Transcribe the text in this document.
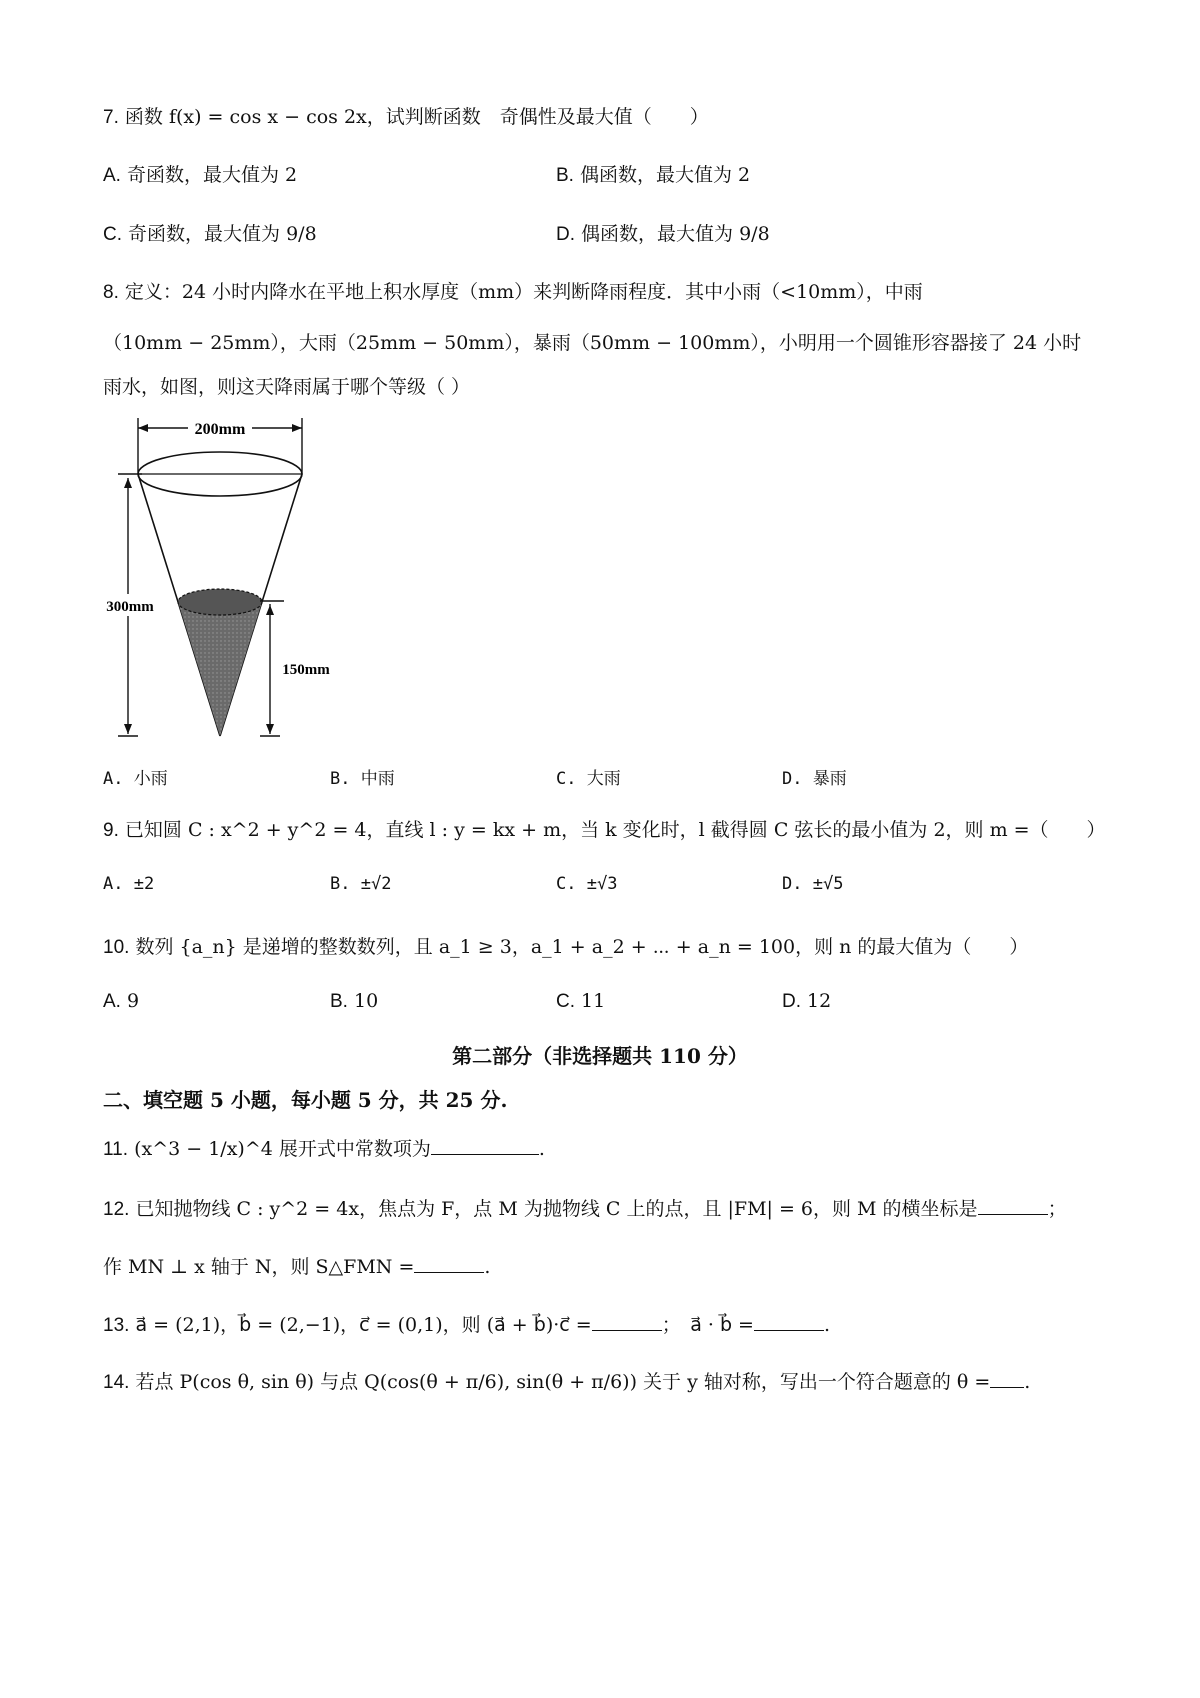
7. 函数 f(x) = cos x − cos 2x，试判断函数　奇偶性及最大值（　　）
A. 奇函数，最大值为 2	B. 偶函数，最大值为 2
C. 奇函数，最大值为 9/8	D. 偶函数，最大值为 9/8
8. 定义：24 小时内降水在平地上积水厚度（mm）来判断降雨程度．其中小雨（<10mm），中雨
（10mm − 25mm），大雨（25mm − 50mm），暴雨（50mm − 100mm），小明用一个圆锥形容器接了 24 小时
雨水，如图，则这天降雨属于哪个等级（ ）
200mm
300mm
150mm
A. 小雨	B. 中雨	C. 大雨	D. 暴雨
9. 已知圆 C : x^2 + y^2 = 4，直线 l : y = kx + m，当 k 变化时，l 截得圆 C 弦长的最小值为 2，则 m =（　　）
A. ±2	B. ±√2	C. ±√3	D. ±√5
10. 数列 {a_n} 是递增的整数数列，且 a_1 ≥ 3，a_1 + a_2 + ⋯ + a_n = 100，则 n 的最大值为（　　）
A. 9	B. 10	C. 11	D. 12
第二部分（非选择题共 110 分）
二、填空题 5 小题，每小题 5 分，共 25 分.
11. (x^3 − 1/x)^4 展开式中常数项为	.
12. 已知抛物线 C : y^2 = 4x，焦点为 F，点 M 为抛物线 C 上的点，且 |FM| = 6，则 M 的横坐标是	；
作 MN ⊥ x 轴于 N，则 S△FMN =	.
13. a⃗ = (2,1)，b⃗ = (2,−1)，c⃗ = (0,1)，则 (a⃗ + b⃗)·c⃗ =	；　a⃗ · b⃗ =	.
14. 若点 P(cos θ, sin θ) 与点 Q(cos(θ + π/6), sin(θ + π/6)) 关于 y 轴对称，写出一个符合题意的 θ = .
